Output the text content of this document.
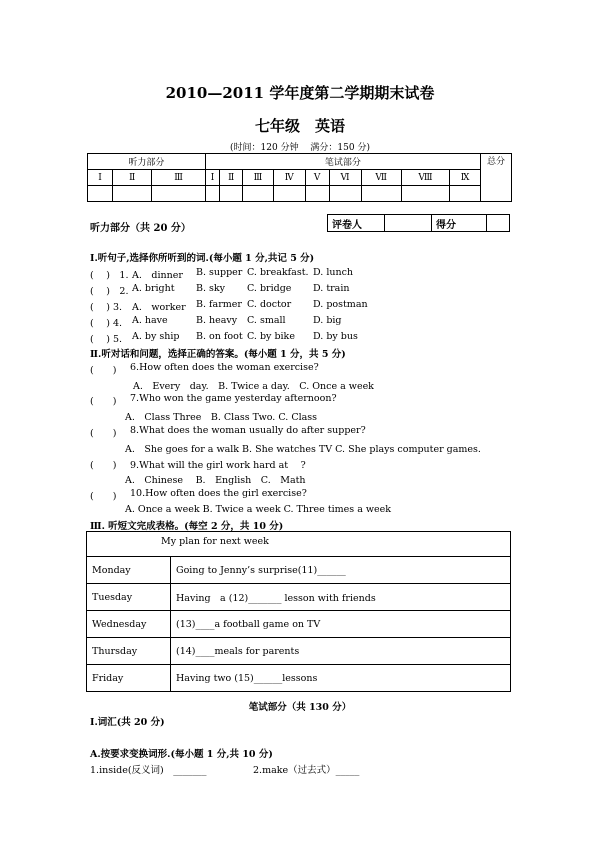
2010—2011 学年度第二学期期末试卷
七年级　英语
(时间：120 分钟　 满分：150 分)
听力部分			笔试部分									总分
Ⅰ	Ⅱ	Ⅲ	Ⅰ	Ⅱ	Ⅲ	Ⅳ	Ⅴ	Ⅵ	Ⅶ	Ⅷ	Ⅸ	

听力部分（共 20 分）	评卷人		得分	
Ⅰ.听句子,选择你所听到的词.(每小题 1 分,共记 5 分)
( 　)　1. A.　dinner B. supper C. breakfast. D. lunch
( 　)　2. A. bright B. sky C. bridge D. train
( 　) 3. A.　worker B. farmer C. doctor D. postman
( 　) 4. A. have	B. heavy C. small	D. big
( 　) 5. A. by ship B. on foot C. by bike D. by bus
Ⅱ.听对话和问题，选择正确的答案。(每小题 1 分，共 5 分)
(　　) 6.How often does the woman exercise?
A.　Every　day.　B. Twice a day.　C. Once a week
(　　) 7.Who won the game yesterday afternoon?
A.　Class Three　B. Class Two. C. Class
(　　) 8.What does the woman usually do after supper?
A.　She goes for a walk B. She watches TV C. She plays computer games.
(　　) 9.What will the girl work hard at　 ?
A.　Chinese　 B.　English　C.　Math
(　　) 10.How often does the girl exercise?
A. Once a week B. Twice a week C. Three times a week
Ⅲ. 听短文完成表格。(每空 2 分，共 10 分)
My plan for next week	
Monday	Going to Jenny’s surprise(11)______
Tuesday	Having　a (12)_______ lesson with friends
Wednesday	(13)____a football game on TV
Thursday	(14)____meals for parents
Friday	Having two (15)______lessons
笔试部分（共 130 分）
Ⅰ.词汇(共 20 分)
A.按要求变换词形.(每小题 1 分,共 10 分)
1.inside(反义词)　_______	2.make（过去式）_____
